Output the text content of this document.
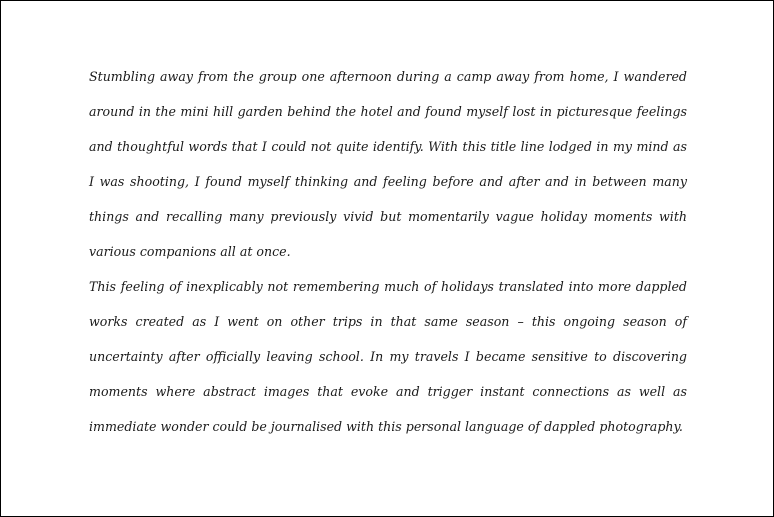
Stumbling away from the group one afternoon during a camp away from home, I wandered
around in the mini hill garden behind the hotel and found myself lost in picturesque feelings
and thoughtful words that I could not quite identify. With this title line lodged in my mind as
I was shooting, I found myself thinking and feeling before and after and in between many
things and recalling many previously vivid but momentarily vague holiday moments with
various companions all at once.

This feeling of inexplicably not remembering much of holidays translated into more dappled
works created as I went on other trips in that same season – this ongoing season of
uncertainty after officially leaving school. In my travels I became sensitive to discovering
moments where abstract images that evoke and trigger instant connections as well as
immediate wonder could be journalised with this personal language of dappled photography.
